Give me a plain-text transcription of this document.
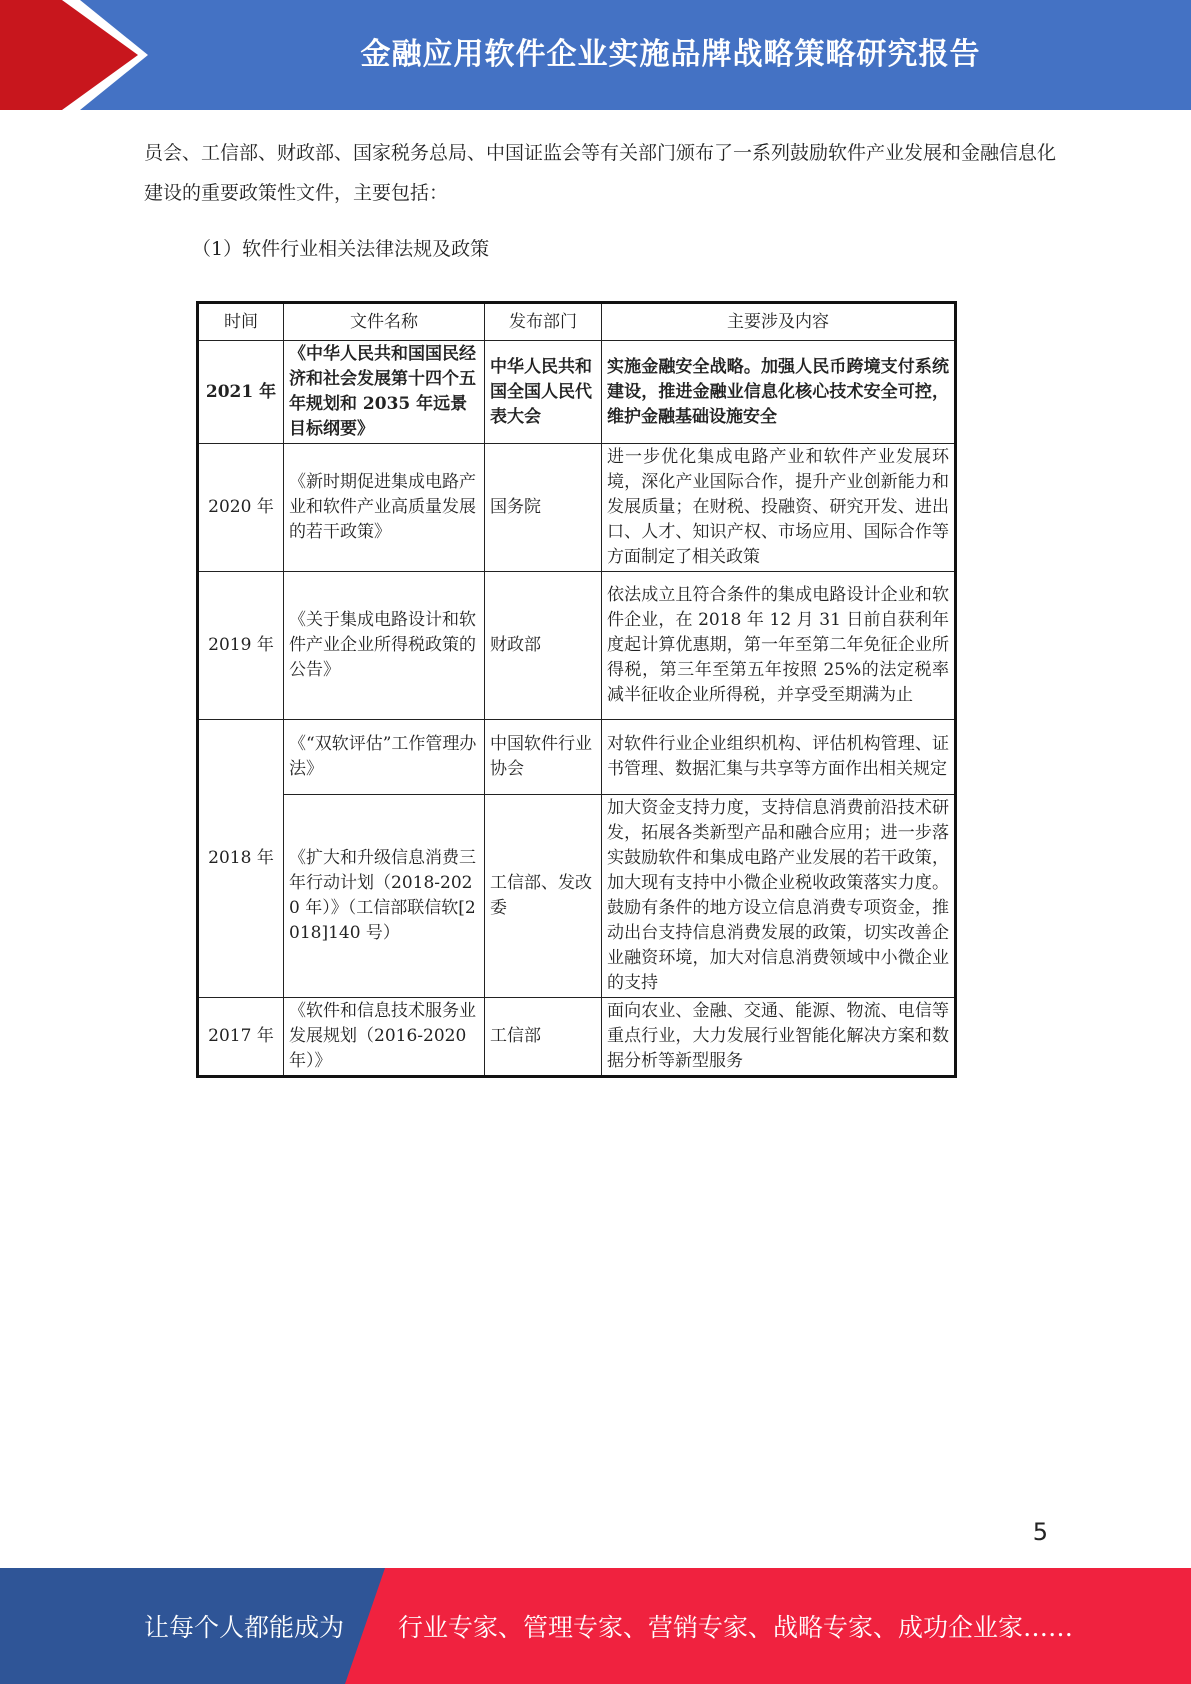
金融应用软件企业实施品牌战略策略研究报告
员会、工信部、财政部、国家税务总局、中国证监会等有关部门颁布了一系列鼓励软件产业发展和金融信息化建设的重要政策性文件，主要包括：
（1）软件行业相关法律法规及政策
时间	文件名称	发布部门	主要涉及内容
2021 年	《中华人民共和国国民经济和社会发展第十四个五年规划和 2035 年远景目标纲要》	中华人民共和国全国人民代表大会	实施金融安全战略。加强人民币跨境支付系统建设，推进金融业信息化核心技术安全可控，维护金融基础设施安全
2020 年	《新时期促进集成电路产业和软件产业高质量发展的若干政策》	国务院	进一步优化集成电路产业和软件产业发展环境，深化产业国际合作，提升产业创新能力和发展质量；在财税、投融资、研究开发、进出口、人才、知识产权、市场应用、国际合作等方面制定了相关政策
2019 年	《关于集成电路设计和软件产业企业所得税政策的公告》	财政部	依法成立且符合条件的集成电路设计企业和软件企业，在 2018 年 12 月 31 日前自获利年度起计算优惠期，第一年至第二年免征企业所得税，第三年至第五年按照 25%的法定税率减半征收企业所得税，并享受至期满为止
2018 年	《“双软评估”工作管理办法》	中国软件行业协会	对软件行业企业组织机构、评估机构管理、证书管理、数据汇集与共享等方面作出相关规定
	《扩大和升级信息消费三年行动计划（2018-2020 年）》（工信部联信软[2018]140 号）	工信部、发改委	加大资金支持力度，支持信息消费前沿技术研发，拓展各类新型产品和融合应用；进一步落实鼓励软件和集成电路产业发展的若干政策，加大现有支持中小微企业税收政策落实力度。鼓励有条件的地方设立信息消费专项资金，推动出台支持信息消费发展的政策，切实改善企业融资环境，加大对信息消费领域中小微企业的支持
2017 年	《软件和信息技术服务业发展规划（2016-2020 年）》	工信部	面向农业、金融、交通、能源、物流、电信等重点行业，大力发展行业智能化解决方案和数据分析等新型服务
5
让每个人都能成为 行业专家、管理专家、营销专家、战略专家、成功企业家……
